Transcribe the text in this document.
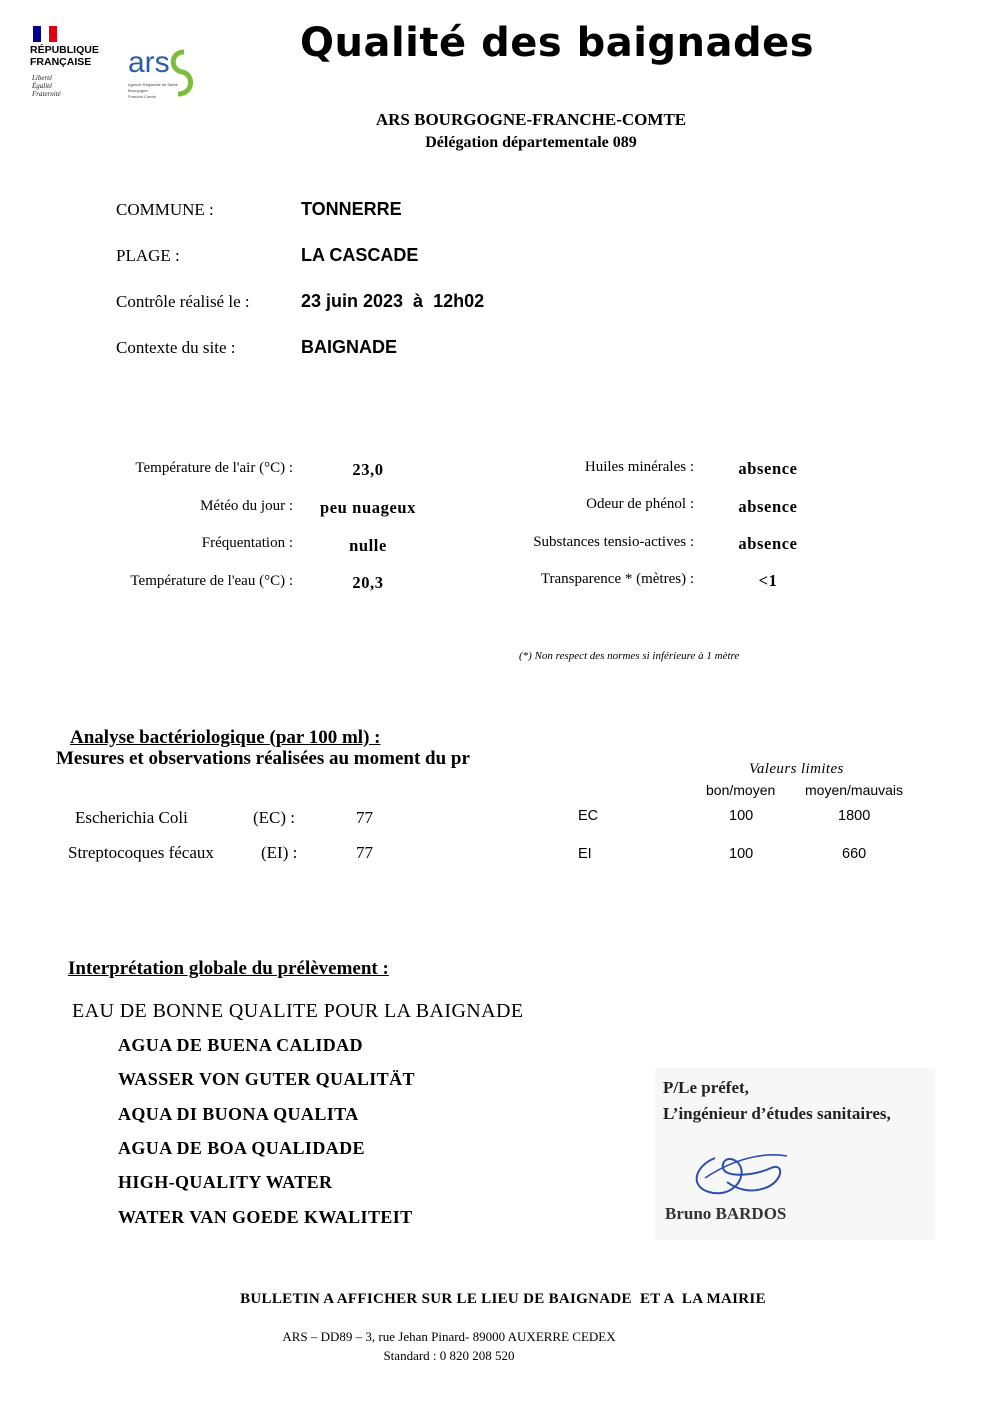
RÉPUBLIQUE
FRANÇAISE
Liberté
Égalité
Fraternité
ars
Agence Régionale de Santé
Bourgogne-
Franche-Comté
Qualité des baignades
ARS BOURGOGNE-FRANCHE-COMTE
Délégation départementale 089
COMMUNE :	TONNERRE
PLAGE :	LA CASCADE
Contrôle réalisé le :	23 juin 2023  à  12h02
Contexte du site :	BAIGNADE
Température de l'air (°C) :	23,0
Météo du jour :	peu nuageux
Fréquentation :	nulle
Température de l'eau (°C) :	20,3
Huiles minérales :	absence
Odeur de phénol :	absence
Substances tensio-actives :	absence
Transparence * (mètres) :	<1
(*) Non respect des normes si inférieure à 1 mètre
Analyse bactériologique (par 100 ml) :
Mesures et observations réalisées au moment du pr	Valeurs limites
bon/moyen moyen/mauvais
Escherichia Coli	(EC) :	77	EC	100	1800
Streptocoques fécaux	(EI) :	77	EI	100	660
Interprétation globale du prélèvement :
EAU DE BONNE QUALITE POUR LA BAIGNADE
AGUA DE BUENA CALIDAD
WASSER VON GUTER QUALITÄT
AQUA DI BUONA QUALITA
AGUA DE BOA QUALIDADE
HIGH-QUALITY WATER
WATER VAN GOEDE KWALITEIT
P/Le préfet,
L’ingénieur d’études sanitaires,
Bruno BARDOS
BULLETIN A AFFICHER SUR LE LIEU DE BAIGNADE  ET A  LA MAIRIE
ARS – DD89 – 3, rue Jehan Pinard- 89000 AUXERRE CEDEX
Standard : 0 820 208 520
